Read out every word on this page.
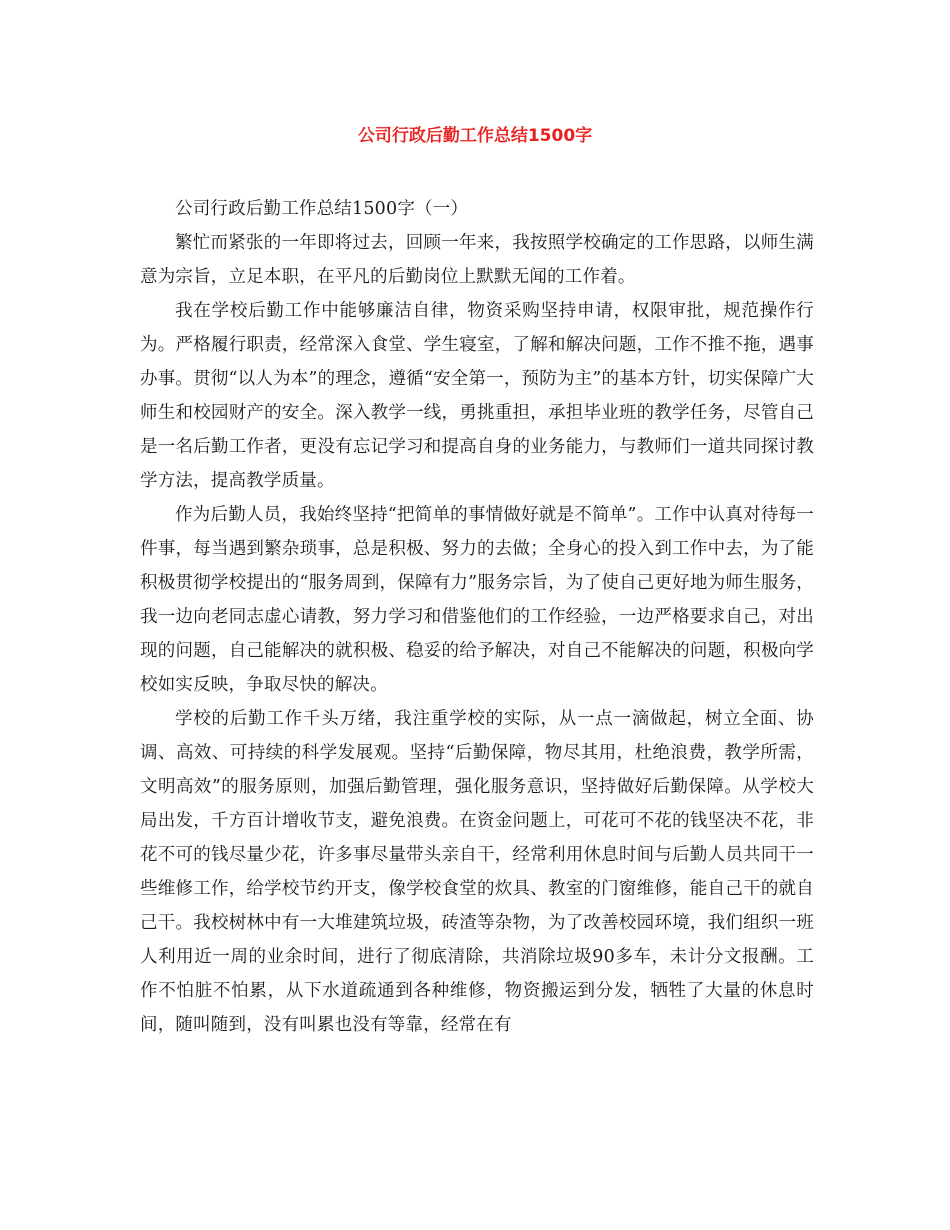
公司行政后勤工作总结1500字

公司行政后勤工作总结1500字（一）

繁忙而紧张的一年即将过去，回顾一年来，我按照学校确定的工作思路，以师生满意为宗旨，立足本职，在平凡的后勤岗位上默默无闻的工作着。

我在学校后勤工作中能够廉洁自律，物资采购坚持申请，权限审批，规范操作行为。严格履行职责，经常深入食堂、学生寝室，了解和解决问题，工作不推不拖，遇事办事。贯彻“以人为本”的理念，遵循“安全第一，预防为主”的基本方针，切实保障广大师生和校园财产的安全。深入教学一线，勇挑重担，承担毕业班的教学任务，尽管自己是一名后勤工作者，更没有忘记学习和提高自身的业务能力，与教师们一道共同探讨教学方法，提高教学质量。

作为后勤人员，我始终坚持“把简单的事情做好就是不简单”。工作中认真对待每一件事，每当遇到繁杂琐事，总是积极、努力的去做；全身心的投入到工作中去，为了能积极贯彻学校提出的“服务周到，保障有力”服务宗旨，为了使自己更好地为师生服务，我一边向老同志虚心请教，努力学习和借鉴他们的工作经验，一边严格要求自己，对出现的问题，自己能解决的就积极、稳妥的给予解决，对自己不能解决的问题，积极向学校如实反映，争取尽快的解决。

学校的后勤工作千头万绪，我注重学校的实际，从一点一滴做起，树立全面、协调、高效、可持续的科学发展观。坚持“后勤保障，物尽其用，杜绝浪费，教学所需，文明高效”的服务原则，加强后勤管理，强化服务意识，坚持做好后勤保障。从学校大局出发，千方百计增收节支，避免浪费。在资金问题上，可花可不花的钱坚决不花，非花不可的钱尽量少花，许多事尽量带头亲自干，经常利用休息时间与后勤人员共同干一些维修工作，给学校节约开支，像学校食堂的炊具、教室的门窗维修，能自己干的就自己干。我校树林中有一大堆建筑垃圾，砖渣等杂物，为了改善校园环境，我们组织一班人利用近一周的业余时间，进行了彻底清除，共消除垃圾90多车，未计分文报酬。工作不怕脏不怕累，从下水道疏通到各种维修，物资搬运到分发，牺牲了大量的休息时间，随叫随到，没有叫累也没有等靠，经常在有
